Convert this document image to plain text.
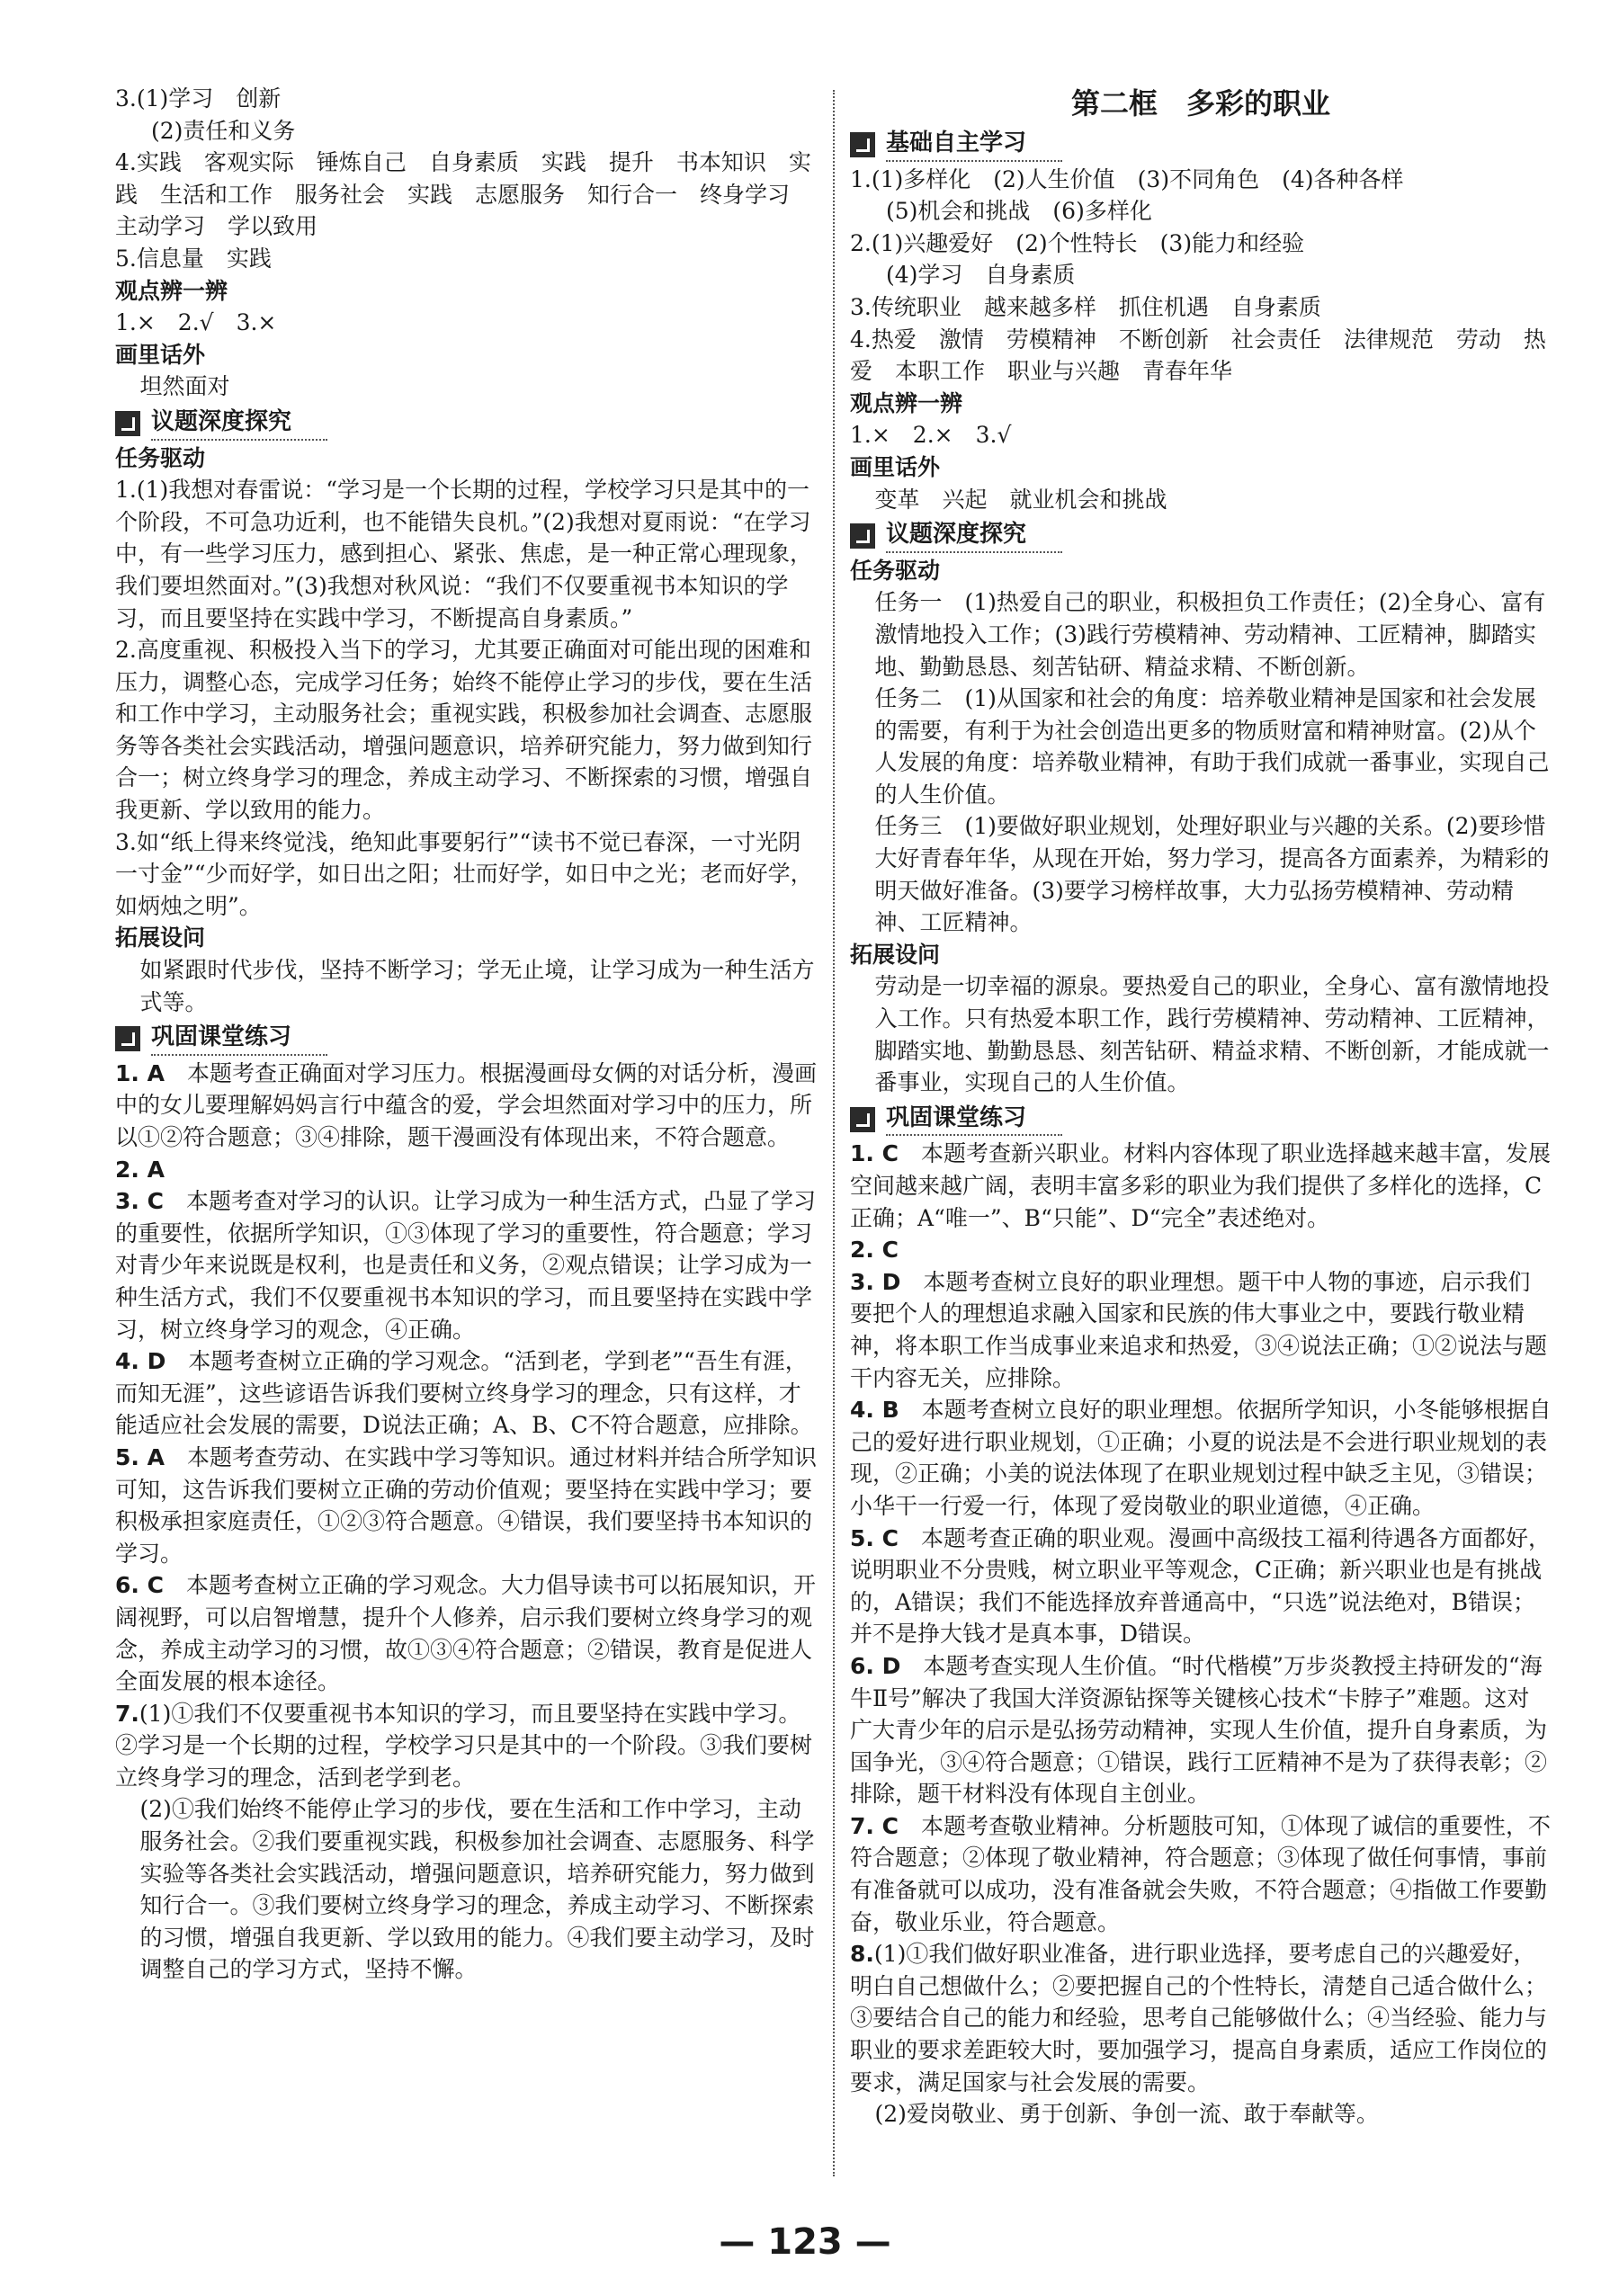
3.(1)学习　创新
(2)责任和义务
4.实践　客观实际　锤炼自己　自身素质　实践　提升　书本知识　实践　生活和工作　服务社会　实践　志愿服务　知行合一　终身学习　主动学习　学以致用
5.信息量　实践
观点辨一辨
1.×　2.√　3.×
画里话外
坦然面对
议题深度探究
任务驱动
1.(1)我想对春雷说：“学习是一个长期的过程，学校学习只是其中的一个阶段，不可急功近利，也不能错失良机。”(2)我想对夏雨说：“在学习中，有一些学习压力，感到担心、紧张、焦虑，是一种正常心理现象，我们要坦然面对。”(3)我想对秋风说：“我们不仅要重视书本知识的学习，而且要坚持在实践中学习，不断提高自身素质。”
2.高度重视、积极投入当下的学习，尤其要正确面对可能出现的困难和压力，调整心态，完成学习任务；始终不能停止学习的步伐，要在生活和工作中学习，主动服务社会；重视实践，积极参加社会调查、志愿服务等各类社会实践活动，增强问题意识，培养研究能力，努力做到知行合一；树立终身学习的理念，养成主动学习、不断探索的习惯，增强自我更新、学以致用的能力。
3.如“纸上得来终觉浅，绝知此事要躬行”“读书不觉已春深，一寸光阴一寸金”“少而好学，如日出之阳；壮而好学，如日中之光；老而好学，如炳烛之明”。
拓展设问
如紧跟时代步伐，坚持不断学习；学无止境，让学习成为一种生活方式等。
巩固课堂练习
1. A　本题考查正确面对学习压力。根据漫画母女俩的对话分析，漫画中的女儿要理解妈妈言行中蕴含的爱，学会坦然面对学习中的压力，所以①②符合题意；③④排除，题干漫画没有体现出来，不符合题意。
2. A
3. C　本题考查对学习的认识。让学习成为一种生活方式，凸显了学习的重要性，依据所学知识，①③体现了学习的重要性，符合题意；学习对青少年来说既是权利，也是责任和义务，②观点错误；让学习成为一种生活方式，我们不仅要重视书本知识的学习，而且要坚持在实践中学习，树立终身学习的观念，④正确。
4. D　本题考查树立正确的学习观念。“活到老，学到老”“吾生有涯，而知无涯”，这些谚语告诉我们要树立终身学习的理念，只有这样，才能适应社会发展的需要，D说法正确；A、B、C不符合题意，应排除。
5. A　本题考查劳动、在实践中学习等知识。通过材料并结合所学知识可知，这告诉我们要树立正确的劳动价值观；要坚持在实践中学习；要积极承担家庭责任，①②③符合题意。④错误，我们要坚持书本知识的学习。
6. C　本题考查树立正确的学习观念。大力倡导读书可以拓展知识，开阔视野，可以启智增慧，提升个人修养，启示我们要树立终身学习的观念，养成主动学习的习惯，故①③④符合题意；②错误，教育是促进人全面发展的根本途径。
7.(1)①我们不仅要重视书本知识的学习，而且要坚持在实践中学习。②学习是一个长期的过程，学校学习只是其中的一个阶段。③我们要树立终身学习的理念，活到老学到老。
(2)①我们始终不能停止学习的步伐，要在生活和工作中学习，主动服务社会。②我们要重视实践，积极参加社会调查、志愿服务、科学实验等各类社会实践活动，增强问题意识，培养研究能力，努力做到知行合一。③我们要树立终身学习的理念，养成主动学习、不断探索的习惯，增强自我更新、学以致用的能力。④我们要主动学习，及时调整自己的学习方式，坚持不懈。
第二框　多彩的职业
基础自主学习
1.(1)多样化　(2)人生价值　(3)不同角色　(4)各种各样
(5)机会和挑战　(6)多样化
2.(1)兴趣爱好　(2)个性特长　(3)能力和经验
(4)学习　自身素质
3.传统职业　越来越多样　抓住机遇　自身素质
4.热爱　激情　劳模精神　不断创新　社会责任　法律规范　劳动　热爱　本职工作　职业与兴趣　青春年华
观点辨一辨
1.×　2.×　3.√
画里话外
变革　兴起　就业机会和挑战
议题深度探究
任务驱动
任务一　(1)热爱自己的职业，积极担负工作责任；(2)全身心、富有激情地投入工作；(3)践行劳模精神、劳动精神、工匠精神，脚踏实地、勤勤恳恳、刻苦钻研、精益求精、不断创新。
任务二　(1)从国家和社会的角度：培养敬业精神是国家和社会发展的需要，有利于为社会创造出更多的物质财富和精神财富。(2)从个人发展的角度：培养敬业精神，有助于我们成就一番事业，实现自己的人生价值。
任务三　(1)要做好职业规划，处理好职业与兴趣的关系。(2)要珍惜大好青春年华，从现在开始，努力学习，提高各方面素养，为精彩的明天做好准备。(3)要学习榜样故事，大力弘扬劳模精神、劳动精神、工匠精神。
拓展设问
劳动是一切幸福的源泉。要热爱自己的职业，全身心、富有激情地投入工作。只有热爱本职工作，践行劳模精神、劳动精神、工匠精神，脚踏实地、勤勤恳恳、刻苦钻研、精益求精、不断创新，才能成就一番事业，实现自己的人生价值。
巩固课堂练习
1. C　本题考查新兴职业。材料内容体现了职业选择越来越丰富，发展空间越来越广阔，表明丰富多彩的职业为我们提供了多样化的选择，C正确；A“唯一”、B“只能”、D“完全”表述绝对。
2. C
3. D　本题考查树立良好的职业理想。题干中人物的事迹，启示我们要把个人的理想追求融入国家和民族的伟大事业之中，要践行敬业精神，将本职工作当成事业来追求和热爱，③④说法正确；①②说法与题干内容无关，应排除。
4. B　本题考查树立良好的职业理想。依据所学知识，小冬能够根据自己的爱好进行职业规划，①正确；小夏的说法是不会进行职业规划的表现，②正确；小美的说法体现了在职业规划过程中缺乏主见，③错误；小华干一行爱一行，体现了爱岗敬业的职业道德，④正确。
5. C　本题考查正确的职业观。漫画中高级技工福利待遇各方面都好，说明职业不分贵贱，树立职业平等观念，C正确；新兴职业也是有挑战的，A错误；我们不能选择放弃普通高中，“只选”说法绝对，B错误；并不是挣大钱才是真本事，D错误。
6. D　本题考查实现人生价值。“时代楷模”万步炎教授主持研发的“海牛Ⅱ号”解决了我国大洋资源钻探等关键核心技术“卡脖子”难题。这对广大青少年的启示是弘扬劳动精神，实现人生价值，提升自身素质，为国争光，③④符合题意；①错误，践行工匠精神不是为了获得表彰；②排除，题干材料没有体现自主创业。
7. C　本题考查敬业精神。分析题肢可知，①体现了诚信的重要性，不符合题意；②体现了敬业精神，符合题意；③体现了做任何事情，事前有准备就可以成功，没有准备就会失败，不符合题意；④指做工作要勤奋，敬业乐业，符合题意。
8.(1)①我们做好职业准备，进行职业选择，要考虑自己的兴趣爱好，明白自己想做什么；②要把握自己的个性特长，清楚自己适合做什么；③要结合自己的能力和经验，思考自己能够做什么；④当经验、能力与职业的要求差距较大时，要加强学习，提高自身素质，适应工作岗位的要求，满足国家与社会发展的需要。
(2)爱岗敬业、勇于创新、争创一流、敢于奉献等。
— 123 —
